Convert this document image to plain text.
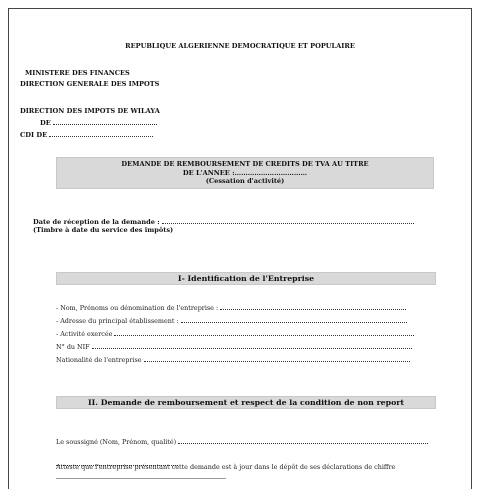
REPUBLIQUE ALGERIENNE DEMOCRATIQUE ET POPULAIRE
MINISTERE DES FINANCES
DIRECTION GENERALE DES IMPOTS
DIRECTION DES IMPOTS DE WILAYA
DE
CDI DE
DEMANDE DE REMBOURSEMENT DE CREDITS DE TVA AU TITRE
DE L'ANNEE :……………………………
(Cessation d'activité)
Date de réception de la demande :
(Timbre à date du service des impôts)
I- Identification de l'Entreprise
- Nom, Prénoms ou dénomination de l'entreprise :
- Adresse du principal établissement :
- Activité exercée
N° du NIF
Nationalité de l'entreprise
II. Demande de remboursement et respect de la condition de non report
Le soussigné (Nom, Prénom, qualité)
Atteste que l'entreprise présentant cette demande est à jour dans le dépôt de ses déclarations de chiffre
